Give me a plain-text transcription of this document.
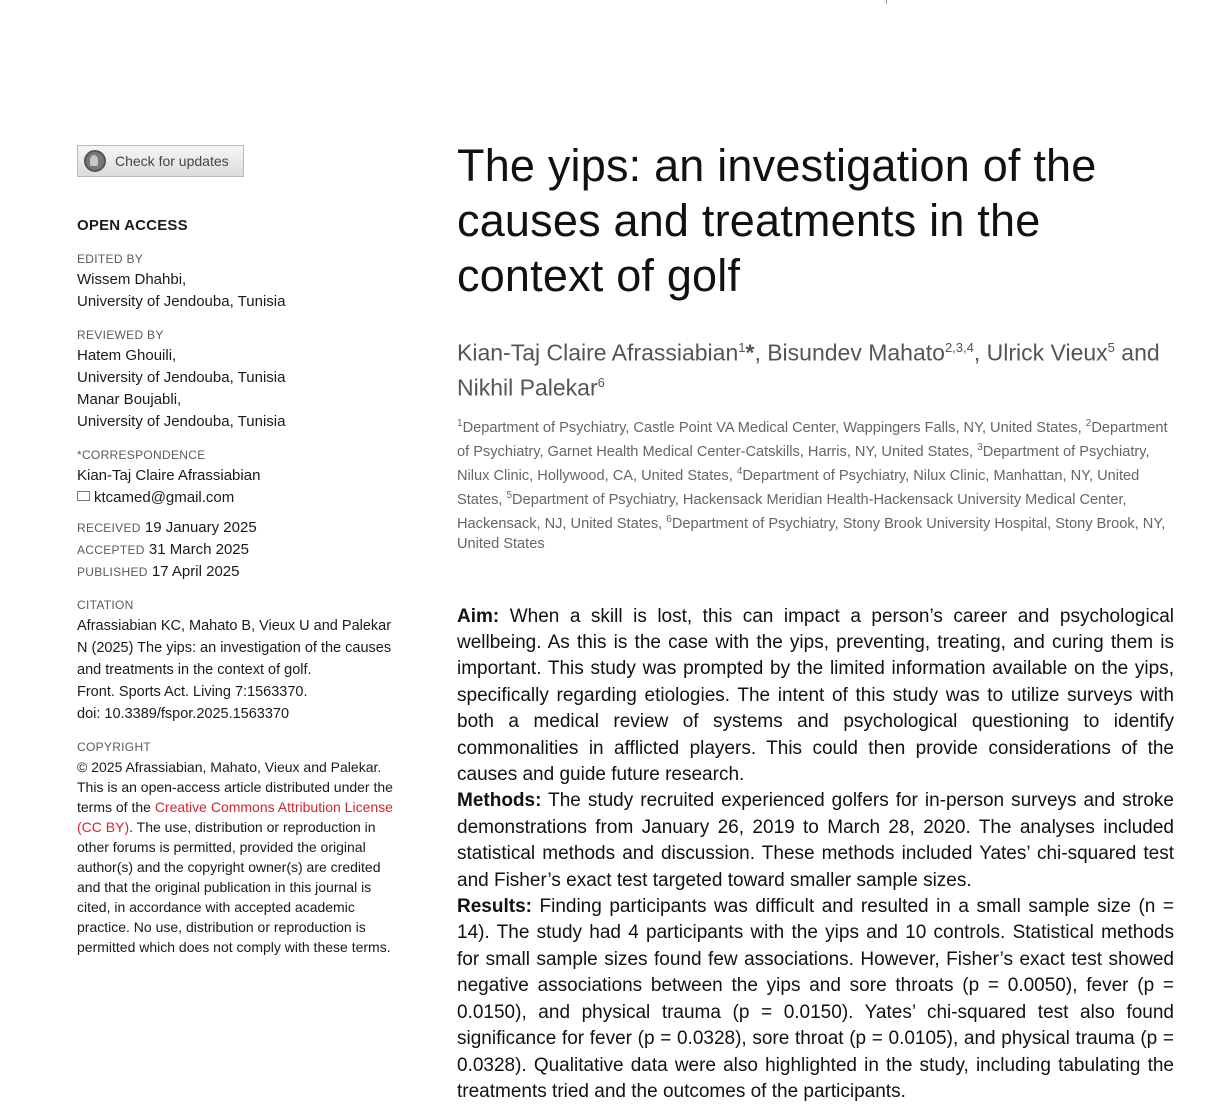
Check for updates
OPEN ACCESS
EDITED BY
Wissem Dhahbi,
University of Jendouba, Tunisia
REVIEWED BY
Hatem Ghouili,
University of Jendouba, Tunisia
Manar Boujabli,
University of Jendouba, Tunisia
*CORRESPONDENCE
Kian-Taj Claire Afrassiabian
ktcamed@gmail.com
RECEIVED 19 January 2025
ACCEPTED 31 March 2025
PUBLISHED 17 April 2025
CITATION
Afrassiabian KC, Mahato B, Vieux U and Palekar N (2025) The yips: an investigation of the causes and treatments in the context of golf.
Front. Sports Act. Living 7:1563370.
doi: 10.3389/fspor.2025.1563370
COPYRIGHT
© 2025 Afrassiabian, Mahato, Vieux and Palekar. This is an open-access article distributed under the terms of the Creative Commons Attribution License (CC BY). The use, distribution or reproduction in other forums is permitted, provided the original author(s) and the copyright owner(s) are credited and that the original publication in this journal is cited, in accordance with accepted academic practice. No use, distribution or reproduction is permitted which does not comply with these terms.
The yips: an investigation of the causes and treatments in the context of golf
Kian-Taj Claire Afrassiabian$^1$*, Bisundev Mahato$^{2,3,4}$, Ulrick Vieux$^5$ and Nikhil Palekar$^6$
$^1$Department of Psychiatry, Castle Point VA Medical Center, Wappingers Falls, NY, United States, $^2$Department of Psychiatry, Garnet Health Medical Center-Catskills, Harris, NY, United States, $^3$Department of Psychiatry, Nilux Clinic, Hollywood, CA, United States, $^4$Department of Psychiatry, Nilux Clinic, Manhattan, NY, United States, $^5$Department of Psychiatry, Hackensack Meridian Health-Hackensack University Medical Center, Hackensack, NJ, United States, $^6$Department of Psychiatry, Stony Brook University Hospital, Stony Brook, NY, United States

Aim: When a skill is lost, this can impact a person’s career and psychological wellbeing. As this is the case with the yips, preventing, treating, and curing them is important. This study was prompted by the limited information available on the yips, specifically regarding etiologies. The intent of this study was to utilize surveys with both a medical review of systems and psychological questioning to identify commonalities in afflicted players. This could then provide considerations of the causes and guide future research.

Methods: The study recruited experienced golfers for in-person surveys and stroke demonstrations from January 26, 2019 to March 28, 2020. The analyses included statistical methods and discussion. These methods included Yates’ chi-squared test and Fisher’s exact test targeted toward smaller sample sizes.

Results: Finding participants was difficult and resulted in a small sample size (n = 14). The study had 4 participants with the yips and 10 controls. Statistical methods for small sample sizes found few associations. However, Fisher’s exact test showed negative associations between the yips and sore throats (p = 0.0050), fever (p = 0.0150), and physical trauma (p = 0.0150). Yates’ chi-squared test also found significance for fever (p = 0.0328), sore throat (p = 0.0105), and physical trauma (p = 0.0328). Qualitative data were also highlighted in the study, including tabulating the treatments tried and the outcomes of the participants.
